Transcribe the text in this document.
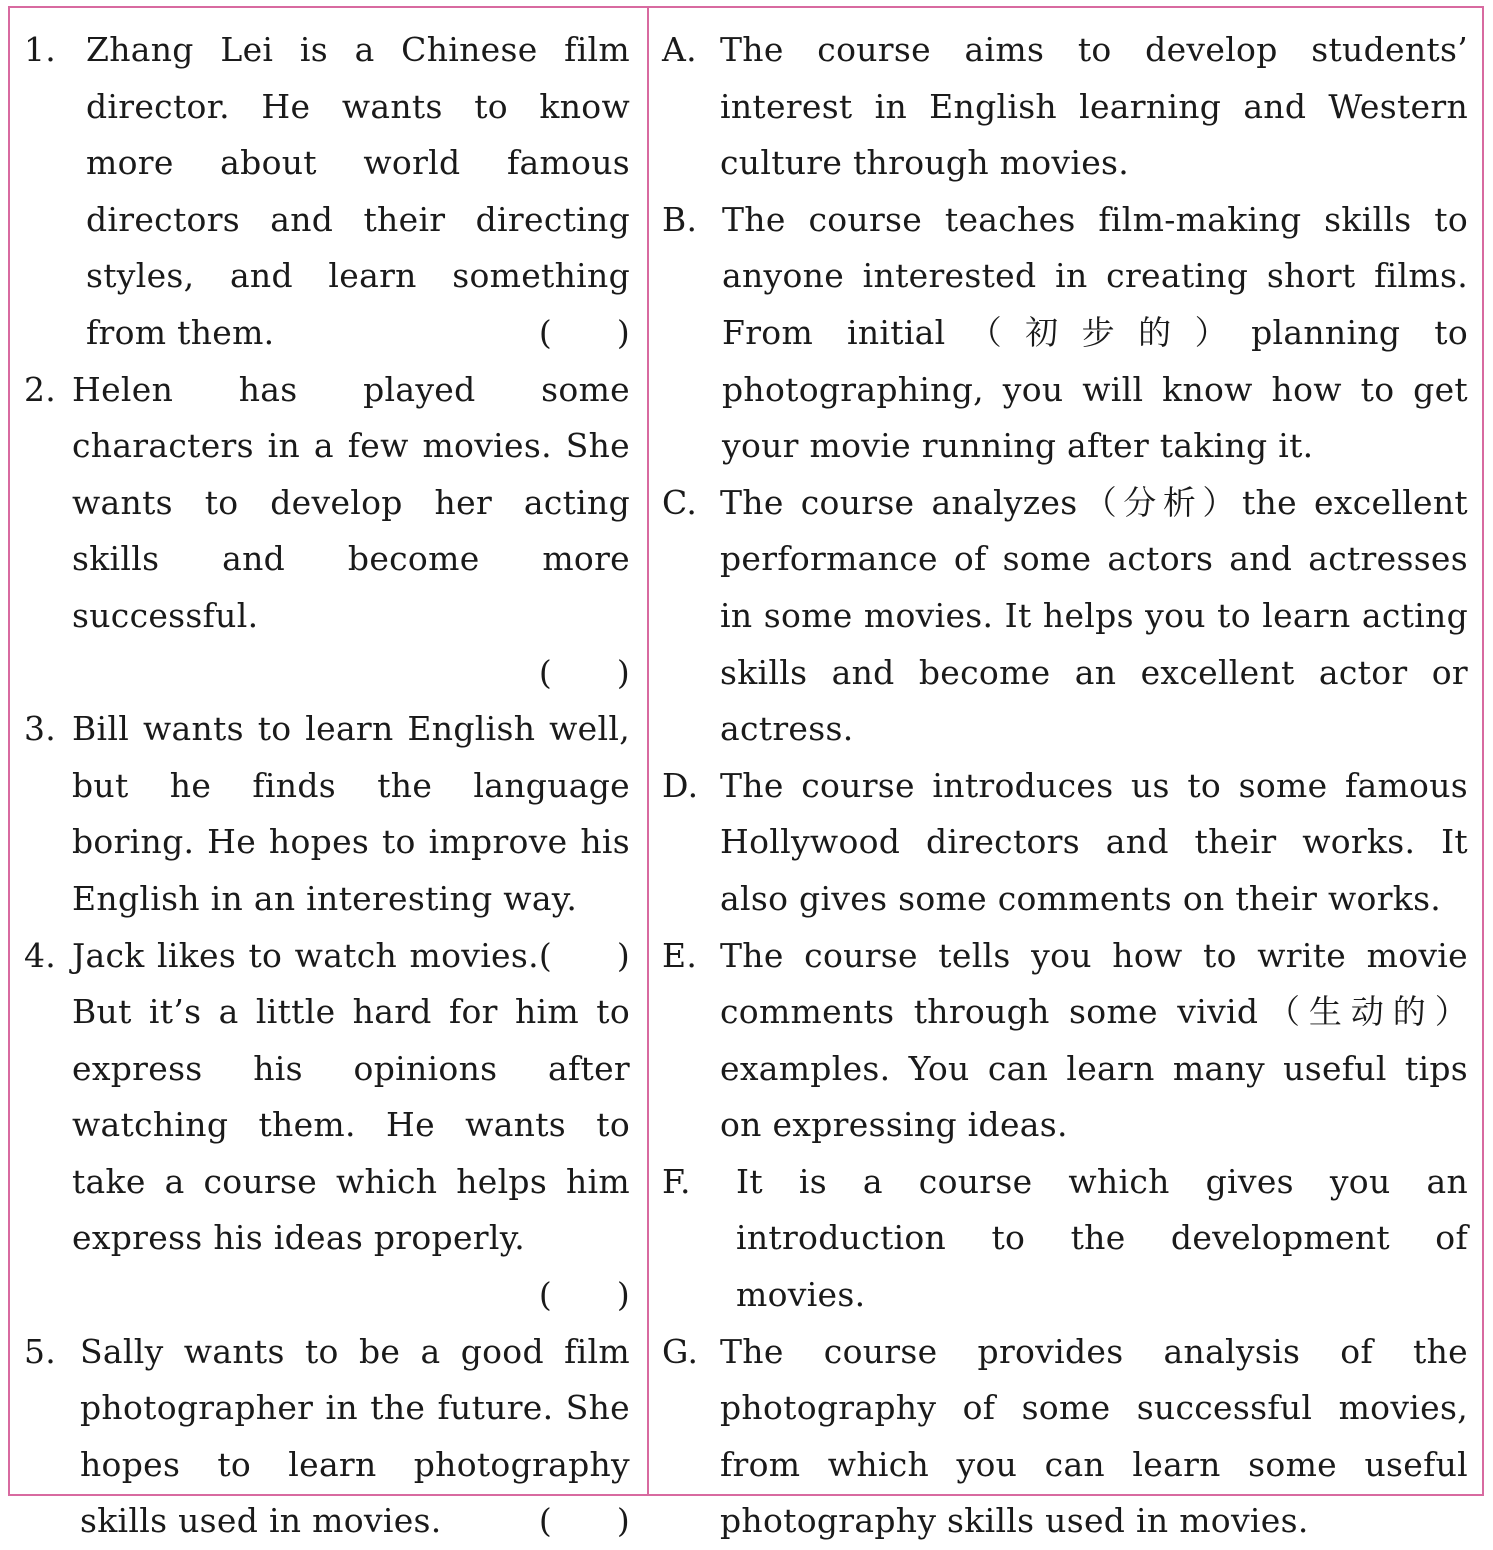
1. Zhang Lei is a Chinese film director. He wants to know more about world famous directors and their directing styles, and learn something from them.	(      )
2. Helen has played some characters in a few movies. She wants to develop her acting skills and become more successful.
(      )
3. Bill wants to learn English well, but he finds the language boring. He hopes to improve his English in an interesting way.
(      )
4. Jack likes to watch movies. But it’s a little hard for him to express his opinions after watching them. He wants to take a course which helps him express his ideas properly.
(      )
5. Sally wants to be a good film photographer in the future. She hopes to learn photography skills used in movies.	(      )
A. The course aims to develop students’ interest in English learning and Western culture through movies.
B. The course teaches film-making skills to anyone interested in creating short films. From initial（初步的）planning to photographing, you will know how to get your movie running after taking it.
C. The course analyzes（分析）the excellent performance of some actors and actresses in some movies. It helps you to learn acting skills and become an excellent actor or actress.
D. The course introduces us to some famous Hollywood directors and their works. It also gives some comments on their works.
E. The course tells you how to write movie comments through some vivid（生动的）examples. You can learn many useful tips on expressing ideas.
F. It is a course which gives you an introduction to the development of movies.
G. The course provides analysis of the photography of some successful movies, from which you can learn some useful photography skills used in movies.
